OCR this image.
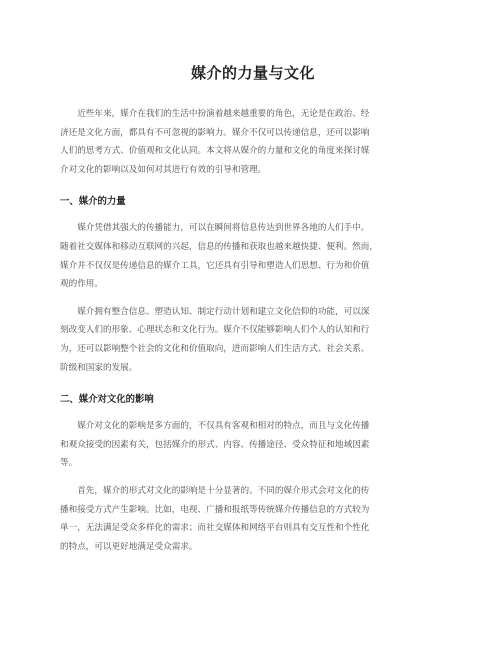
媒介的力量与文化

近些年来，媒介在我们的生活中扮演着越来越重要的角色，无论是在政治、经
济还是文化方面，都具有不可忽视的影响力。媒介不仅可以传递信息，还可以影响
人们的思考方式、价值观和文化认同。本文将从媒介的力量和文化的角度来探讨媒
介对文化的影响以及如何对其进行有效的引导和管理。

一、媒介的力量

媒介凭借其强大的传播能力，可以在瞬间将信息传达到世界各地的人们手中。
随着社交媒体和移动互联网的兴起，信息的传播和获取也越来越快捷、便利。然而，
媒介并不仅仅是传递信息的媒介工具，它还具有引导和塑造人们思想、行为和价值
观的作用。

媒介拥有整合信息、塑造认知、制定行动计划和建立文化信仰的功能，可以深
刻改变人们的形象、心理状态和文化行为。媒介不仅能够影响人们个人的认知和行
为，还可以影响整个社会的文化和价值取向，进而影响人们生活方式、社会关系、
阶级和国家的发展。

二、媒介对文化的影响

媒介对文化的影响是多方面的，不仅具有客观和相对的特点，而且与文化传播
和观众接受的因素有关，包括媒介的形式、内容、传播途径、受众特征和地域因素
等。

首先，媒介的形式对文化的影响是十分显著的。不同的媒介形式会对文化的传
播和接受方式产生影响。比如，电视、广播和报纸等传统媒介传播信息的方式较为
单一，无法满足受众多样化的需求；而社交媒体和网络平台则具有交互性和个性化
的特点，可以更好地满足受众需求。
